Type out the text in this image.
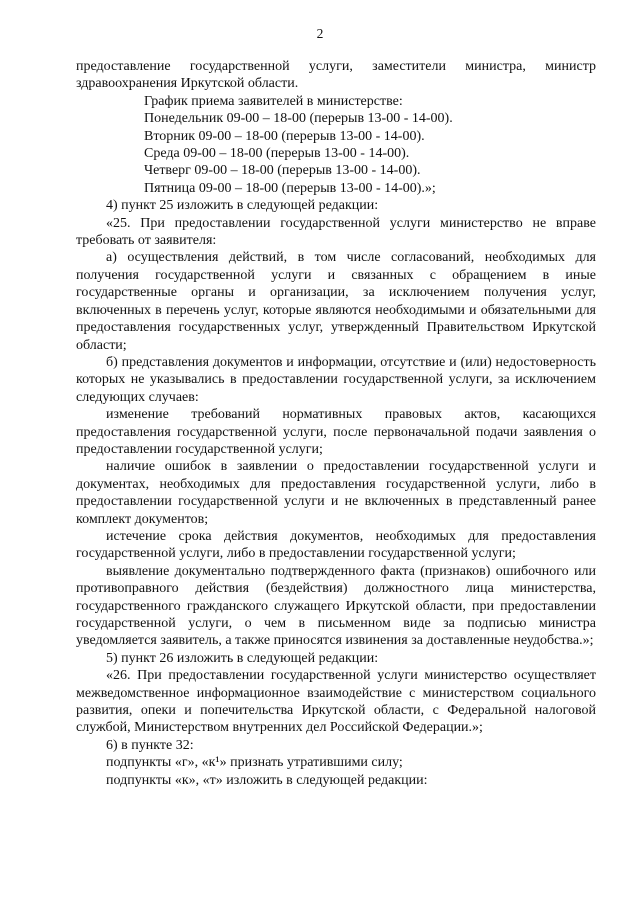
2

предоставление государственной услуги, заместители министра, министр здравоохранения Иркутской области.

График приема заявителей в министерстве:

Понедельник 09-00 – 18-00 (перерыв 13-00 - 14-00).

Вторник 09-00 – 18-00 (перерыв 13-00 - 14-00).

Среда 09-00 – 18-00 (перерыв 13-00 - 14-00).

Четверг 09-00 – 18-00 (перерыв 13-00 - 14-00).

Пятница 09-00 – 18-00 (перерыв 13-00 - 14-00).»;

4) пункт 25 изложить в следующей редакции:

«25. При предоставлении государственной услуги министерство не вправе требовать от заявителя:

а) осуществления действий, в том числе согласований, необходимых для получения государственной услуги и связанных с обращением в иные государственные органы и организации, за исключением получения услуг, включенных в перечень услуг, которые являются необходимыми и обязательными для предоставления государственных услуг, утвержденный Правительством Иркутской области;

б) представления документов и информации, отсутствие и (или) недостоверность которых не указывались в предоставлении государственной услуги, за исключением следующих случаев:

изменение требований нормативных правовых актов, касающихся предоставления государственной услуги, после первоначальной подачи заявления о предоставлении государственной услуги;

наличие ошибок в заявлении о предоставлении государственной услуги и документах, необходимых для предоставления государственной услуги, либо в предоставлении государственной услуги и не включенных в представленный ранее комплект документов;

истечение срока действия документов, необходимых для предоставления государственной услуги, либо в предоставлении государственной услуги;

выявление документально подтвержденного факта (признаков) ошибочного или противоправного действия (бездействия) должностного лица министерства, государственного гражданского служащего Иркутской области, при предоставлении государственной услуги, о чем в письменном виде за подписью министра уведомляется заявитель, а также приносятся извинения за доставленные неудобства.»;

5) пункт 26 изложить в следующей редакции:

«26. При предоставлении государственной услуги министерство осуществляет межведомственное информационное взаимодействие с министерством социального развития, опеки и попечительства Иркутской области, с Федеральной налоговой службой, Министерством внутренних дел Российской Федерации.»;

6) в пункте 32:

подпункты «г», «к¹» признать утратившими силу;

подпункты «к», «т» изложить в следующей редакции:
